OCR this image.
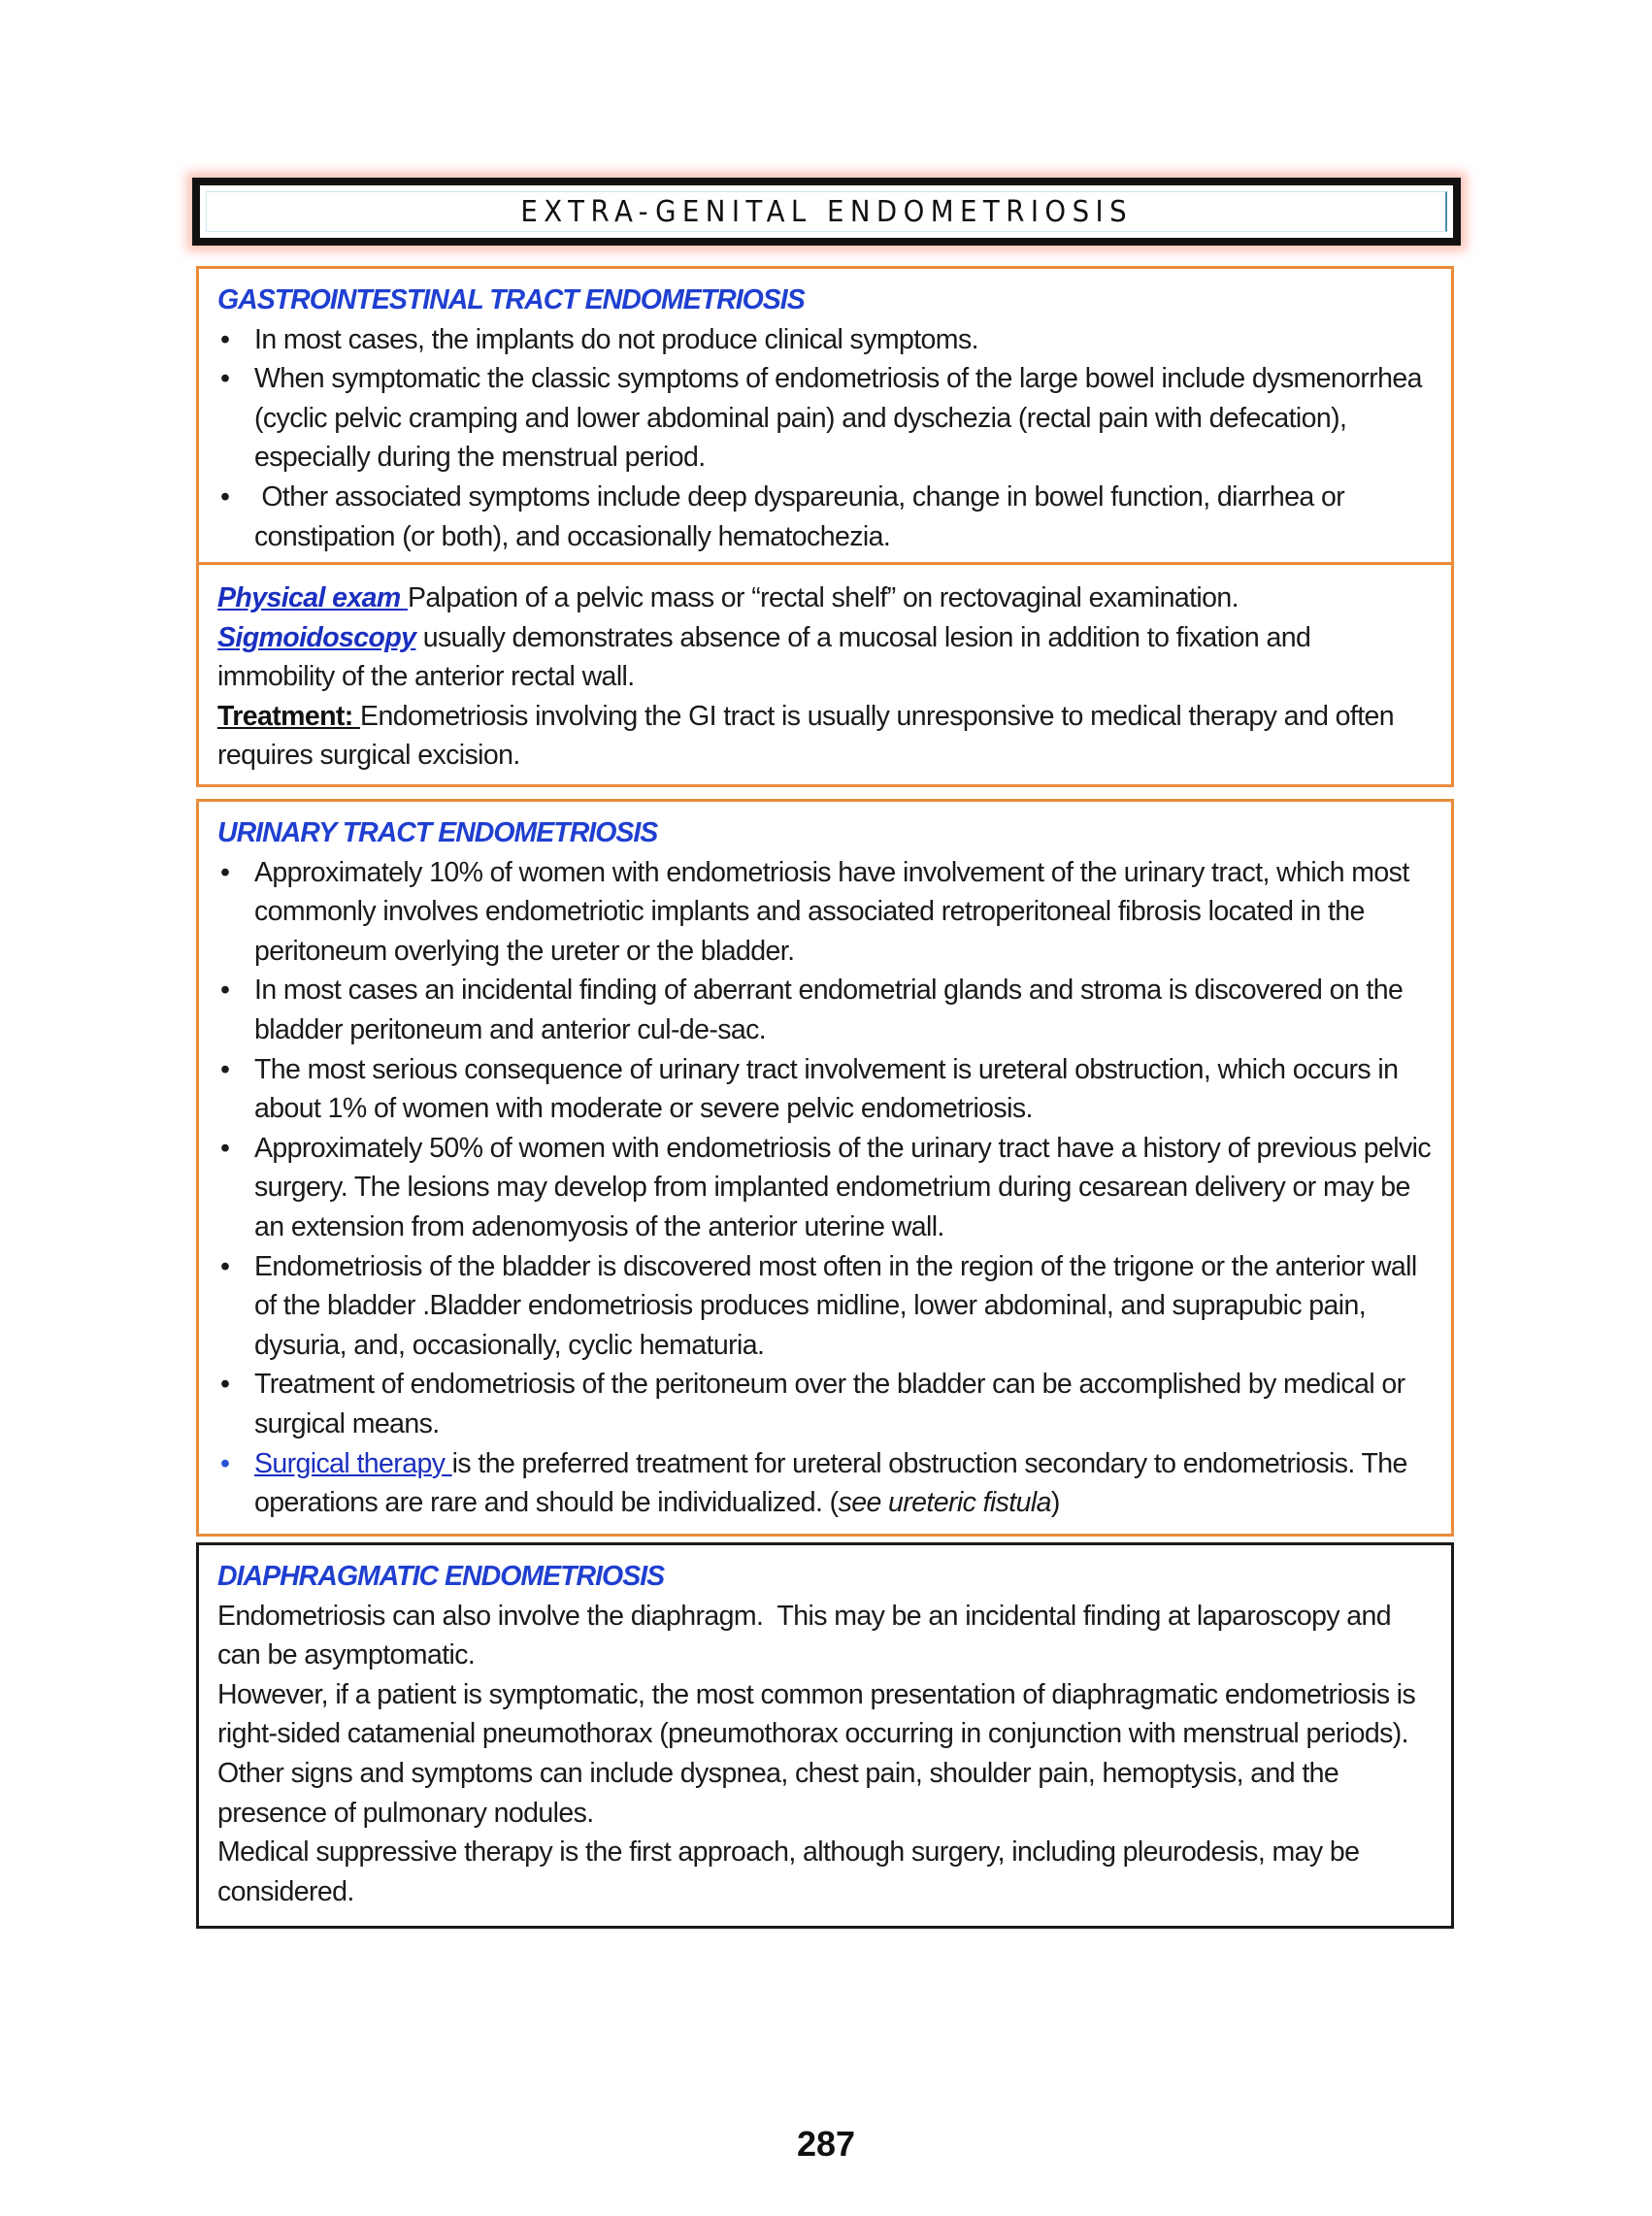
EXTRA-GENITAL ENDOMETRIOSIS
GASTROINTESTINAL TRACT ENDOMETRIOSIS
• In most cases, the implants do not produce clinical symptoms.
• When symptomatic the classic symptoms of endometriosis of the large bowel include dysmenorrhea (cyclic pelvic cramping and lower abdominal pain) and dyschezia (rectal pain with defecation), especially during the menstrual period.
• Other associated symptoms include deep dyspareunia, change in bowel function, diarrhea or constipation (or both), and occasionally hematochezia.
Physical exam Palpation of a pelvic mass or “rectal shelf” on rectovaginal examination.
Sigmoidoscopy usually demonstrates absence of a mucosal lesion in addition to fixation and immobility of the anterior rectal wall.
Treatment: Endometriosis involving the GI tract is usually unresponsive to medical therapy and often requires surgical excision.
URINARY TRACT ENDOMETRIOSIS
• Approximately 10% of women with endometriosis have involvement of the urinary tract, which most commonly involves endometriotic implants and associated retroperitoneal fibrosis located in the peritoneum overlying the ureter or the bladder.
• In most cases an incidental finding of aberrant endometrial glands and stroma is discovered on the bladder peritoneum and anterior cul-de-sac.
• The most serious consequence of urinary tract involvement is ureteral obstruction, which occurs in about 1% of women with moderate or severe pelvic endometriosis.
• Approximately 50% of women with endometriosis of the urinary tract have a history of previous pelvic surgery. The lesions may develop from implanted endometrium during cesarean delivery or may be an extension from adenomyosis of the anterior uterine wall.
• Endometriosis of the bladder is discovered most often in the region of the trigone or the anterior wall of the bladder .Bladder endometriosis produces midline, lower abdominal, and suprapubic pain, dysuria, and, occasionally, cyclic hematuria.
• Treatment of endometriosis of the peritoneum over the bladder can be accomplished by medical or surgical means.
• Surgical therapy is the preferred treatment for ureteral obstruction secondary to endometriosis. The operations are rare and should be individualized. (see ureteric fistula)
DIAPHRAGMATIC ENDOMETRIOSIS
Endometriosis can also involve the diaphragm.  This may be an incidental finding at laparoscopy and can be asymptomatic.
However, if a patient is symptomatic, the most common presentation of diaphragmatic endometriosis is right-sided catamenial pneumothorax (pneumothorax occurring in conjunction with menstrual periods). Other signs and symptoms can include dyspnea, chest pain, shoulder pain, hemoptysis, and the presence of pulmonary nodules.
Medical suppressive therapy is the first approach, although surgery, including pleurodesis, may be considered.
287
